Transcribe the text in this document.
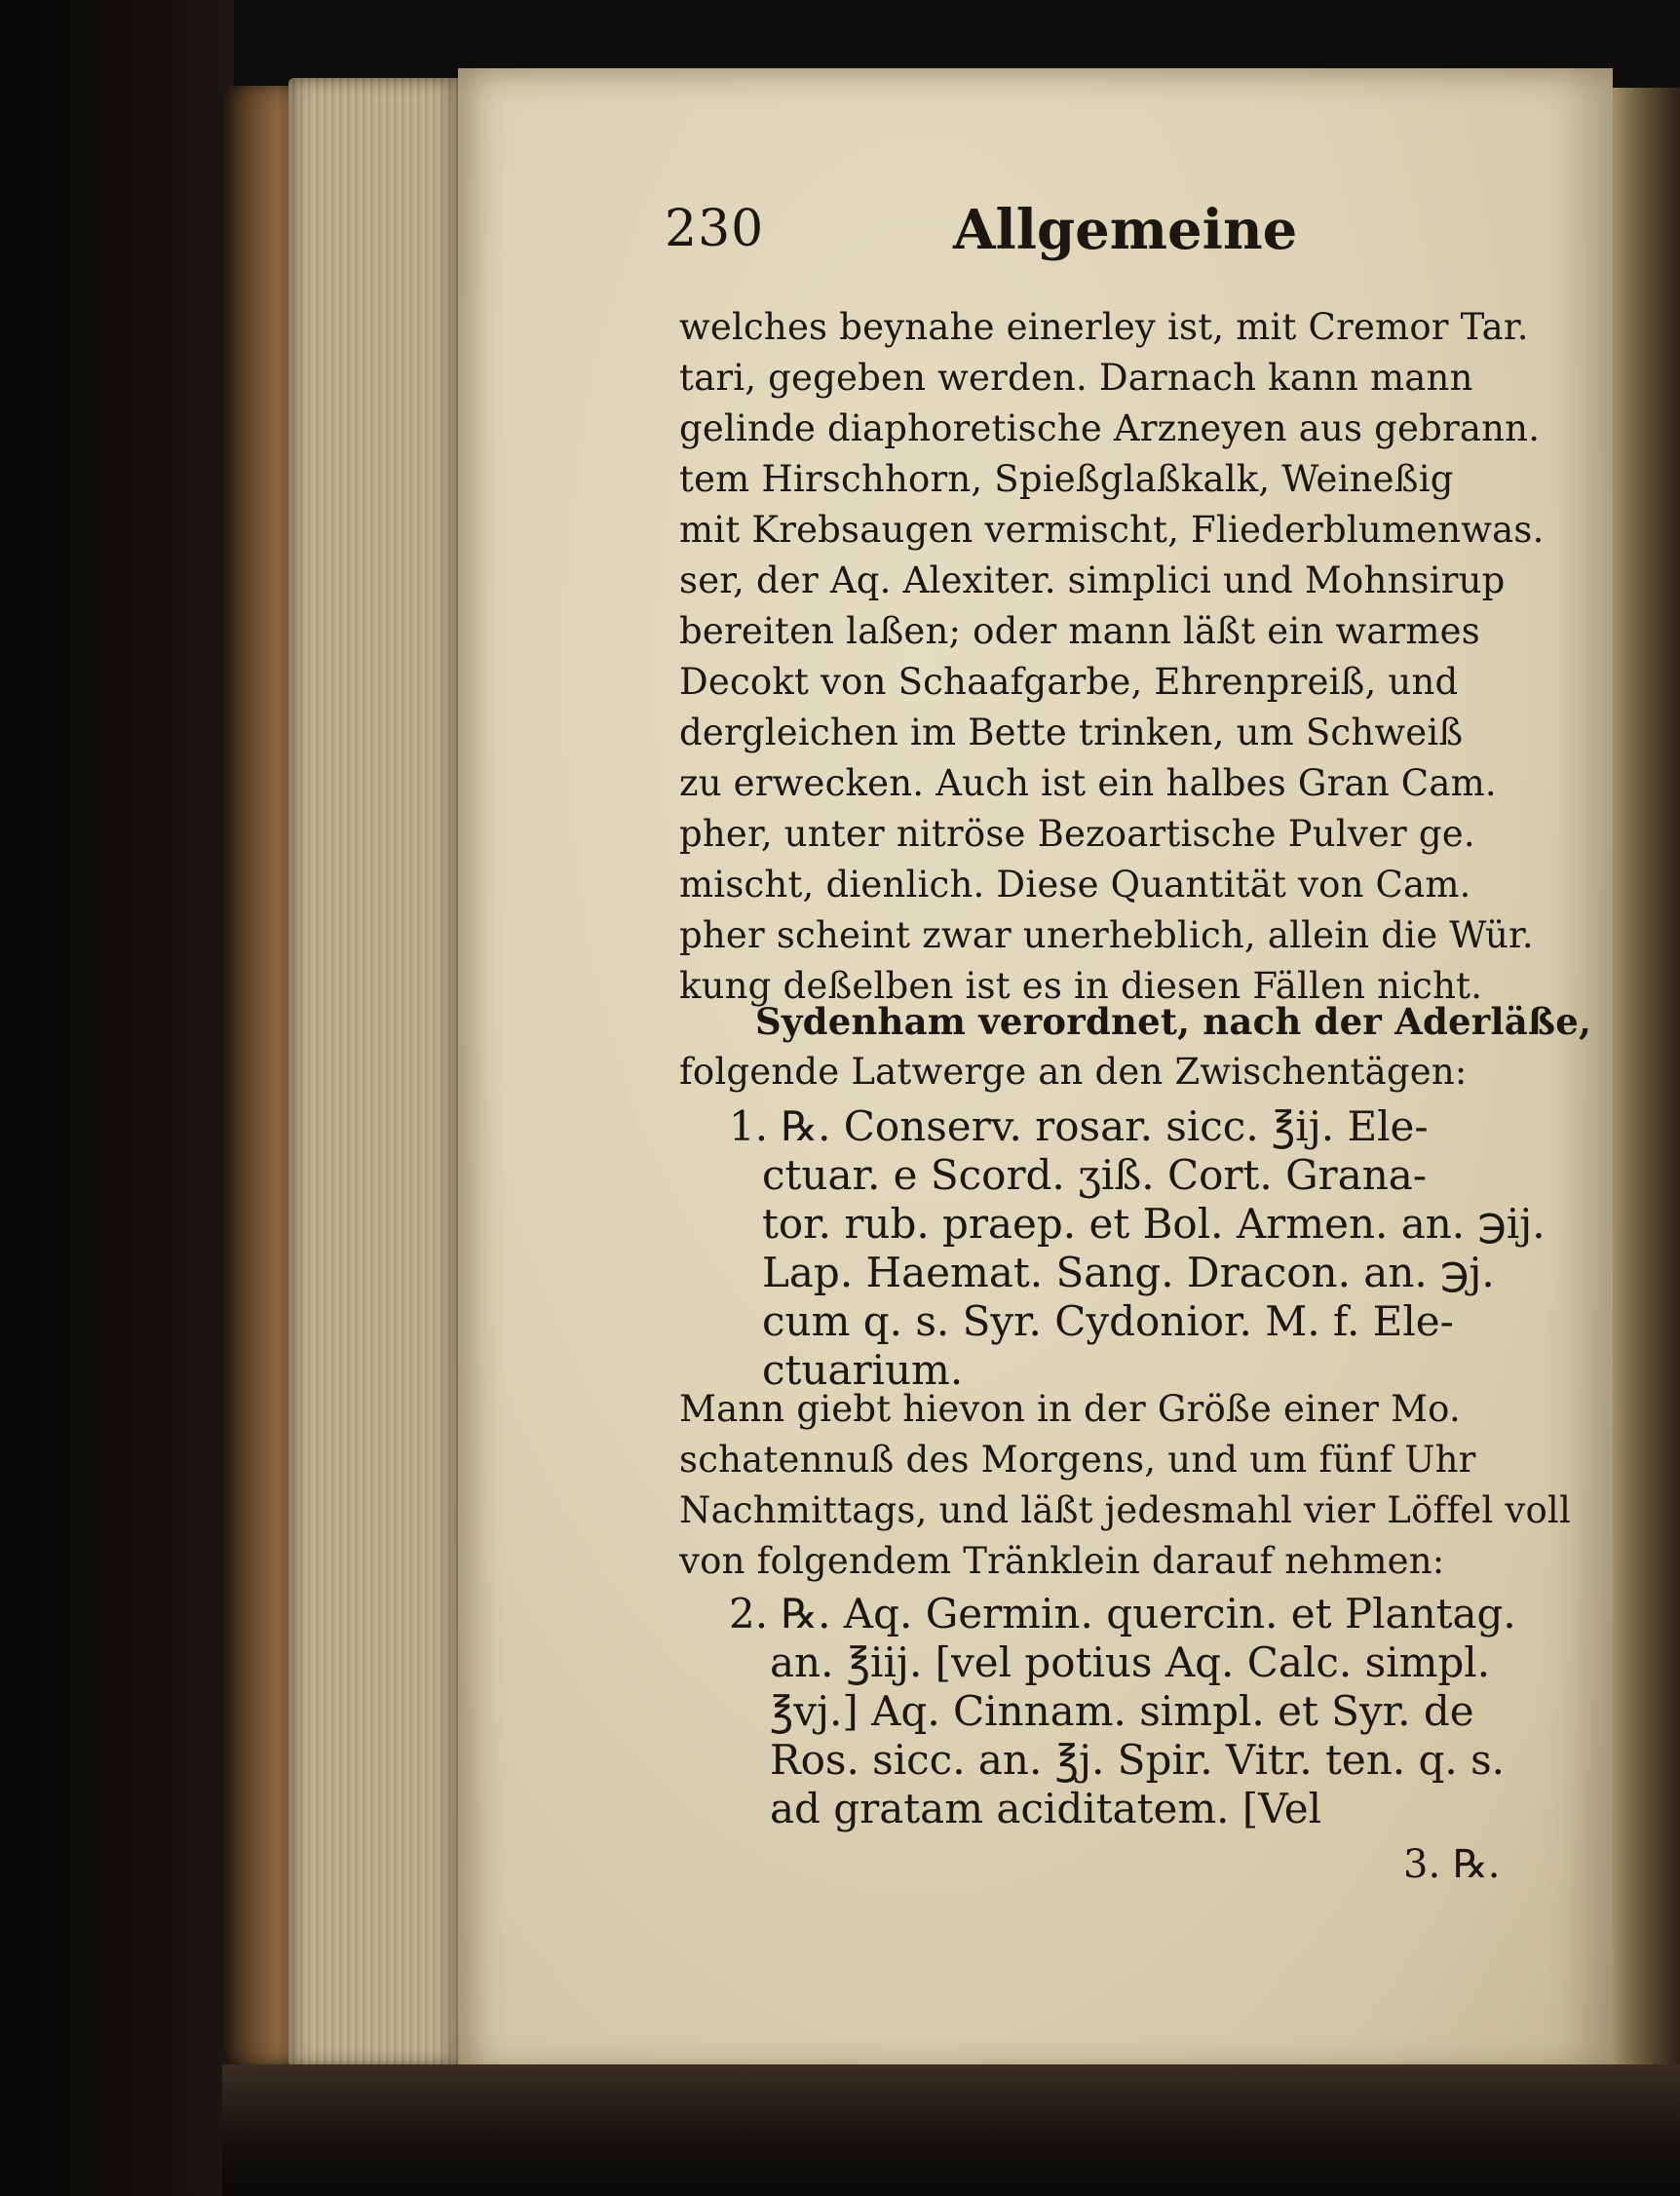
230	Allgemeine
welches beynahe einerley ist, mit Cremor Tar.
tari, gegeben werden. Darnach kann mann
gelinde diaphoretische Arzneyen aus gebrann.
tem Hirschhorn, Spießglaßkalk, Weineßig
mit Krebsaugen vermischt, Fliederblumenwas.
ser, der Aq. Alexiter. simplici und Mohnsirup
bereiten laßen; oder mann läßt ein warmes
Decokt von Schaafgarbe, Ehrenpreiß, und
dergleichen im Bette trinken, um Schweiß
zu erwecken. Auch ist ein halbes Gran Cam.
pher, unter nitröse Bezoartische Pulver ge.
mischt, dienlich. Diese Quantität von Cam.
pher scheint zwar unerheblich, allein die Wür.
kung deßelben ist es in diesen Fällen nicht.
Sydenham verordnet, nach der Aderläße,
folgende Latwerge an den Zwischentägen:
1. ℞. Conserv. rosar. sicc. ℥ij. Ele-
ctuar. e Scord. ʒiß. Cort. Grana-
tor. rub. praep. et Bol. Armen. an. ℈ij.
Lap. Haemat. Sang. Dracon. an. ℈j.
cum q. s. Syr. Cydonior. M. f. Ele-
ctuarium.
Mann giebt hievon in der Größe einer Mo.
schatennuß des Morgens, und um fünf Uhr
Nachmittags, und läßt jedesmahl vier Löffel voll
von folgendem Tränklein darauf nehmen:
2. ℞. Aq. Germin. quercin. et Plantag.
an. ℥iij. [vel potius Aq. Calc. simpl.
℥vj.] Aq. Cinnam. simpl. et Syr. de
Ros. sicc. an. ℥j. Spir. Vitr. ten. q. s.
ad gratam aciditatem. [Vel
3. ℞.
